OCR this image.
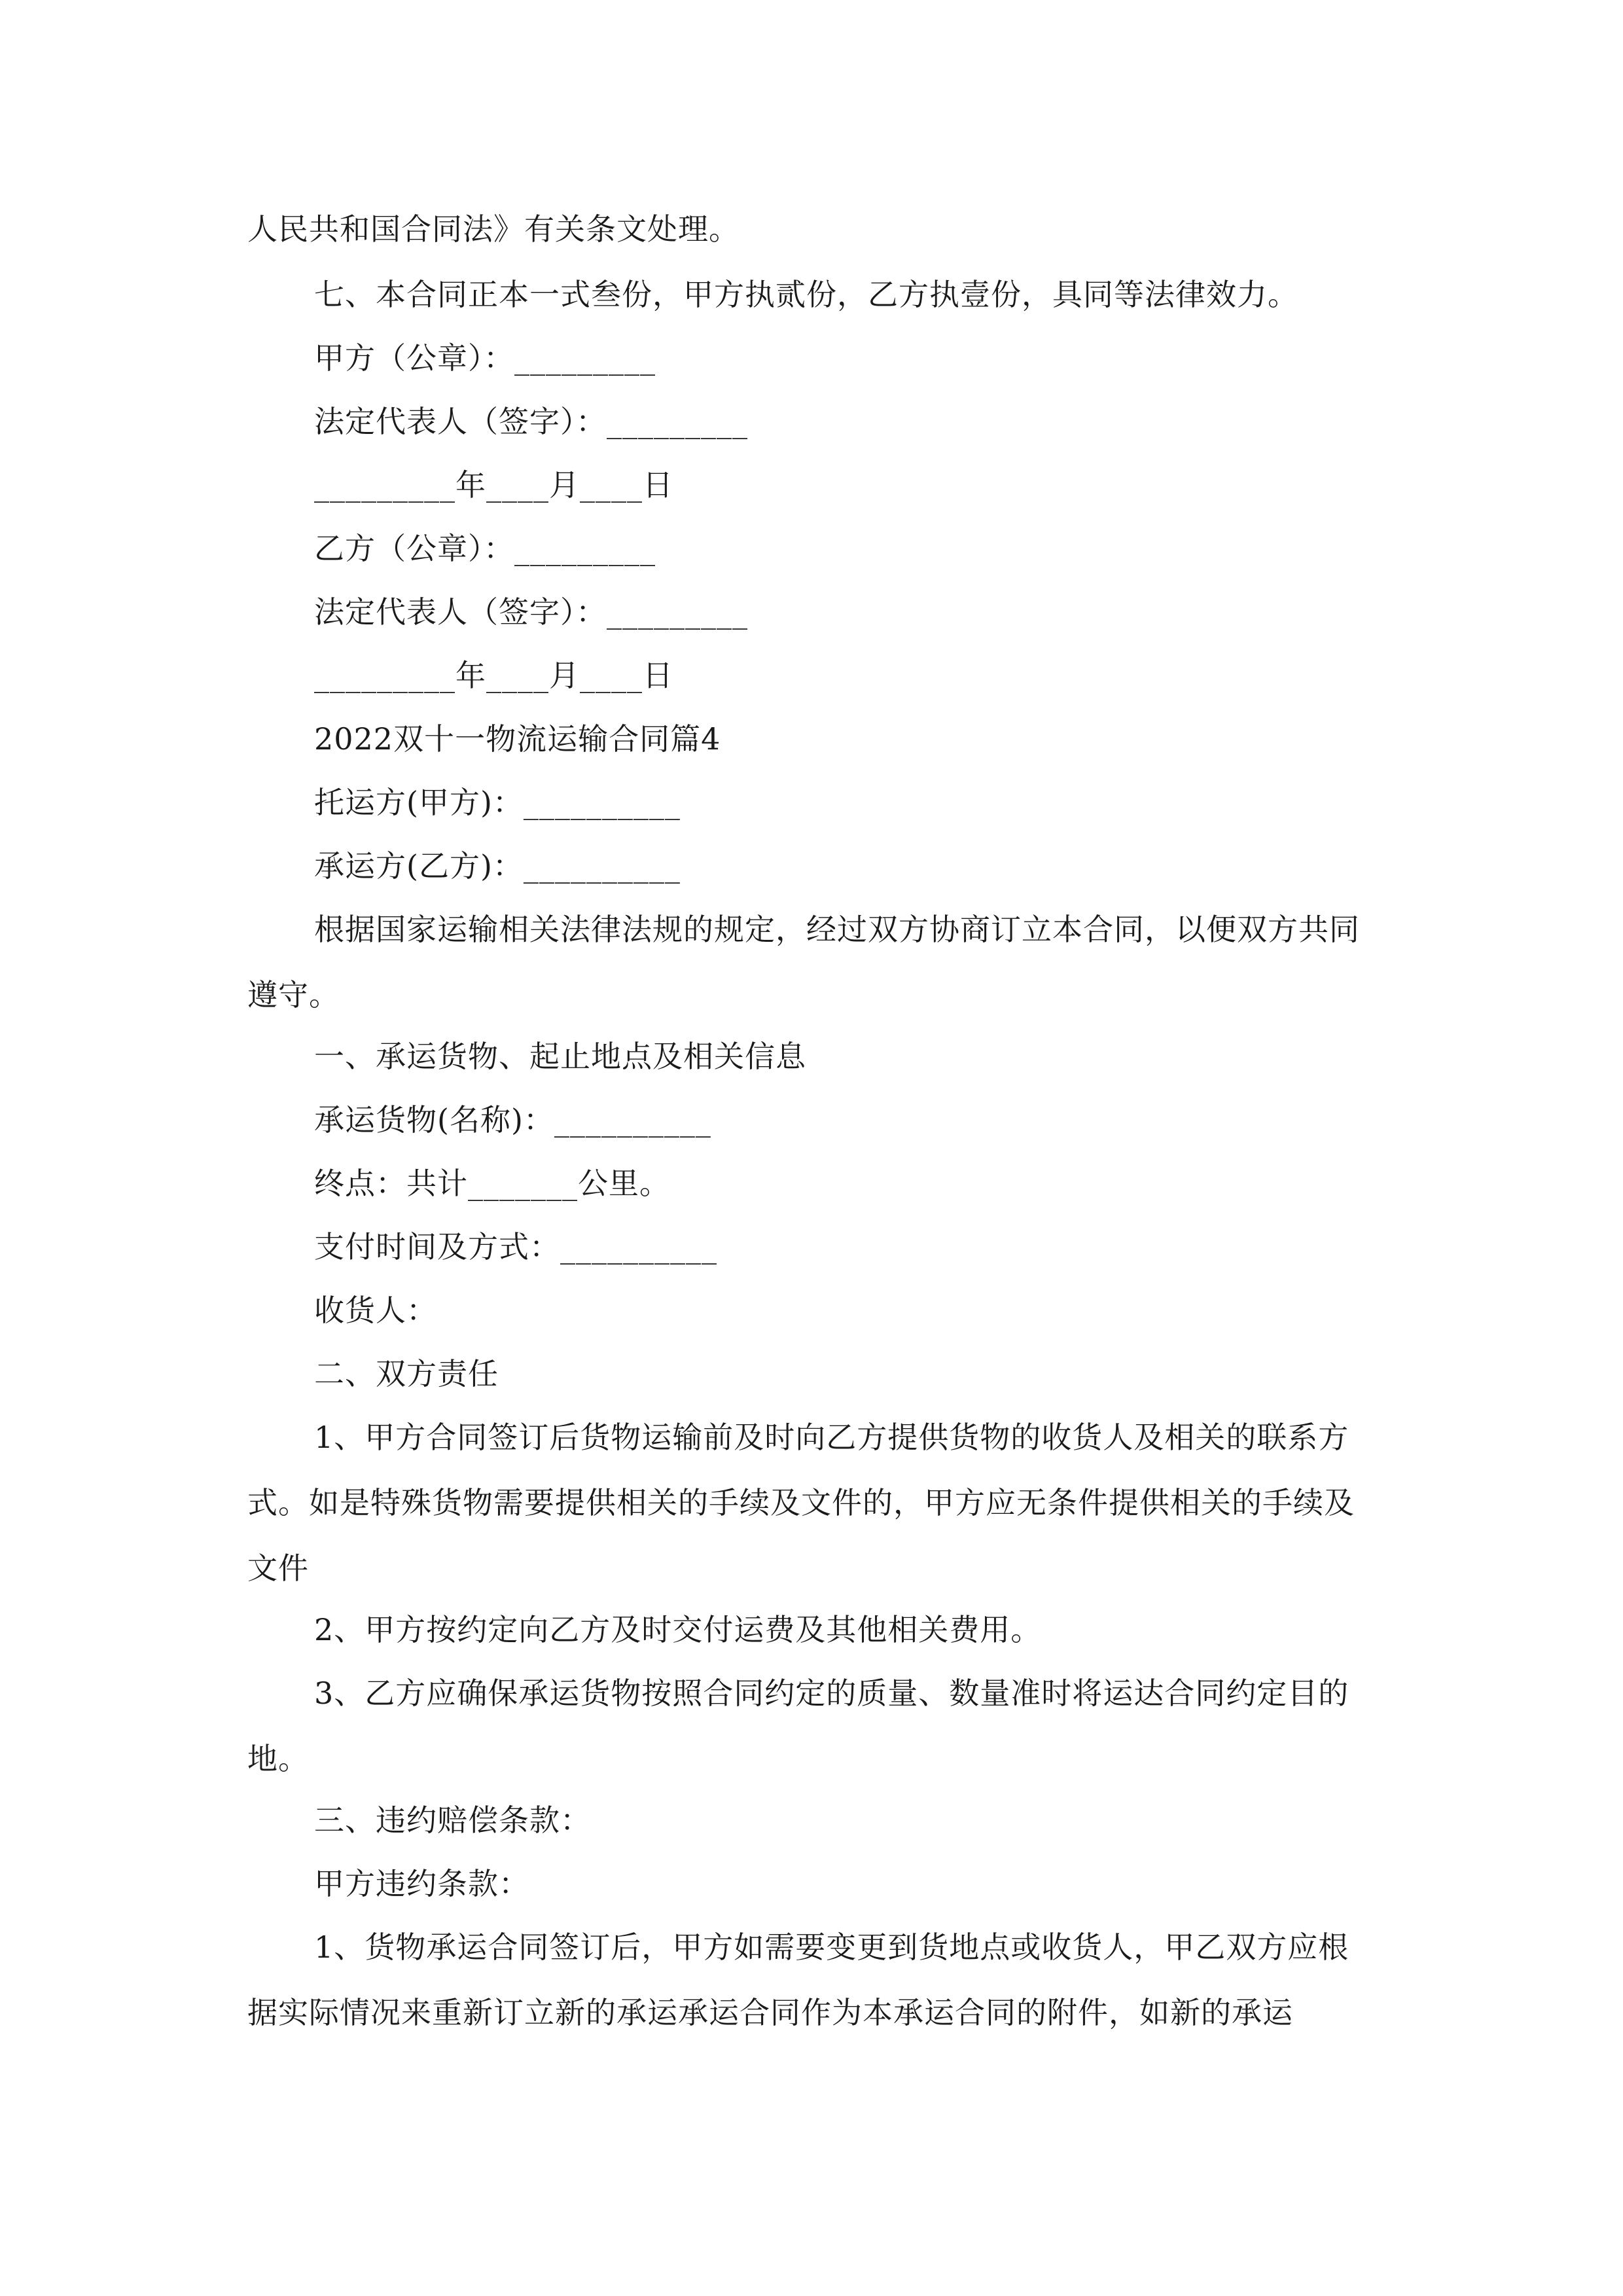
人民共和国合同法》有关条文处理。

七、本合同正本一式叁份，甲方执贰份，乙方执壹份，具同等法律效力。

甲方（公章）：_________

法定代表人（签字）：_________

_________年____月____日

乙方（公章）：_________

法定代表人（签字）：_________

_________年____月____日

2022双十一物流运输合同篇4

托运方(甲方)：__________

承运方(乙方)：__________

根据国家运输相关法律法规的规定，经过双方协商订立本合同，以便双方共同遵守。

一、承运货物、起止地点及相关信息

承运货物(名称)：__________

终点：共计_______公里。

支付时间及方式：__________

收货人：

二、双方责任

1、甲方合同签订后货物运输前及时向乙方提供货物的收货人及相关的联系方式。如是特殊货物需要提供相关的手续及文件的，甲方应无条件提供相关的手续及文件

2、甲方按约定向乙方及时交付运费及其他相关费用。

3、乙方应确保承运货物按照合同约定的质量、数量准时将运达合同约定目的地。

三、违约赔偿条款：

甲方违约条款：

1、货物承运合同签订后，甲方如需要变更到货地点或收货人，甲乙双方应根据实际情况来重新订立新的承运承运合同作为本承运合同的附件，如新的承运
